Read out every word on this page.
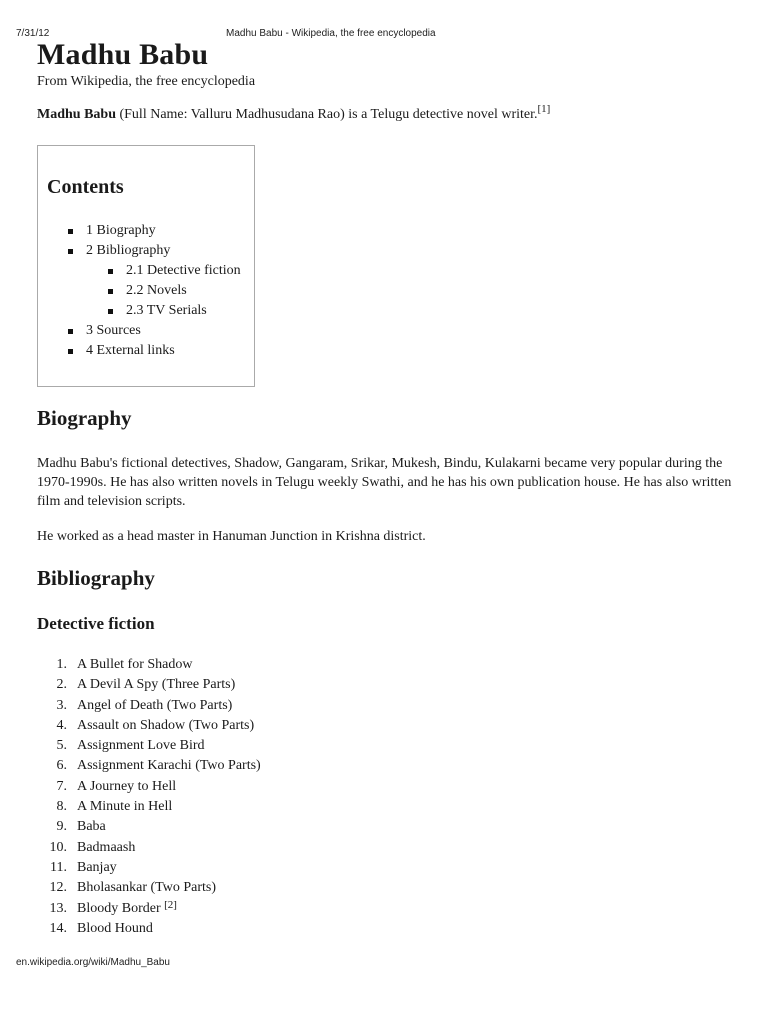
7/31/12	Madhu Babu - Wikipedia, the free encyclopedia
Madhu Babu
From Wikipedia, the free encyclopedia
Madhu Babu (Full Name: Valluru Madhusudana Rao) is a Telugu detective novel writer.[1]
Contents
1 Biography
2 Bibliography
2.1 Detective fiction
2.2 Novels
2.3 TV Serials
3 Sources
4 External links
Biography
Madhu Babu's fictional detectives, Shadow, Gangaram, Srikar, Mukesh, Bindu, Kulakarni became very popular during the 1970-1990s. He has also written novels in Telugu weekly Swathi, and he has his own publication house. He has also written film and television scripts.
He worked as a head master in Hanuman Junction in Krishna district.
Bibliography
Detective fiction
1. A Bullet for Shadow
2. A Devil A Spy (Three Parts)
3. Angel of Death (Two Parts)
4. Assault on Shadow (Two Parts)
5. Assignment Love Bird
6. Assignment Karachi (Two Parts)
7. A Journey to Hell
8. A Minute in Hell
9. Baba
10. Badmaash
11. Banjay
12. Bholasankar (Two Parts)
13. Bloody Border [2]
14. Blood Hound
en.wikipedia.org/wiki/Madhu_Babu
